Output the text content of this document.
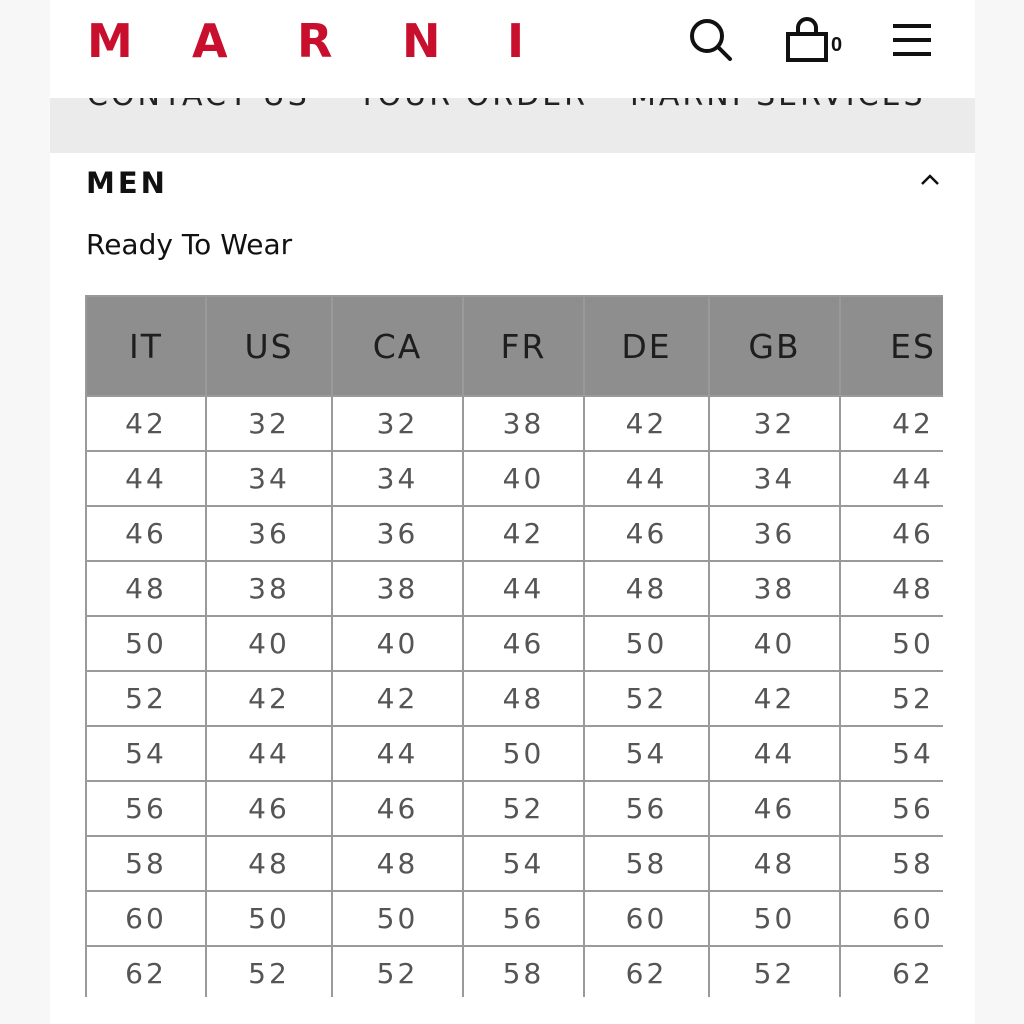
M	A	R	N	I	0
MEN
Ready To Wear
IT	US	CA	FR	DE	GB	ES
42	32	32	38	42	32	42
44	34	34	40	44	34	44
46	36	36	42	46	36	46
48	38	38	44	48	38	48
50	40	40	46	50	40	50
52	42	42	48	52	42	52
54	44	44	50	54	44	54
56	46	46	52	56	46	56
58	48	48	54	58	48	58
60	50	50	56	60	50	60
62	52	52	58	62	52	62
